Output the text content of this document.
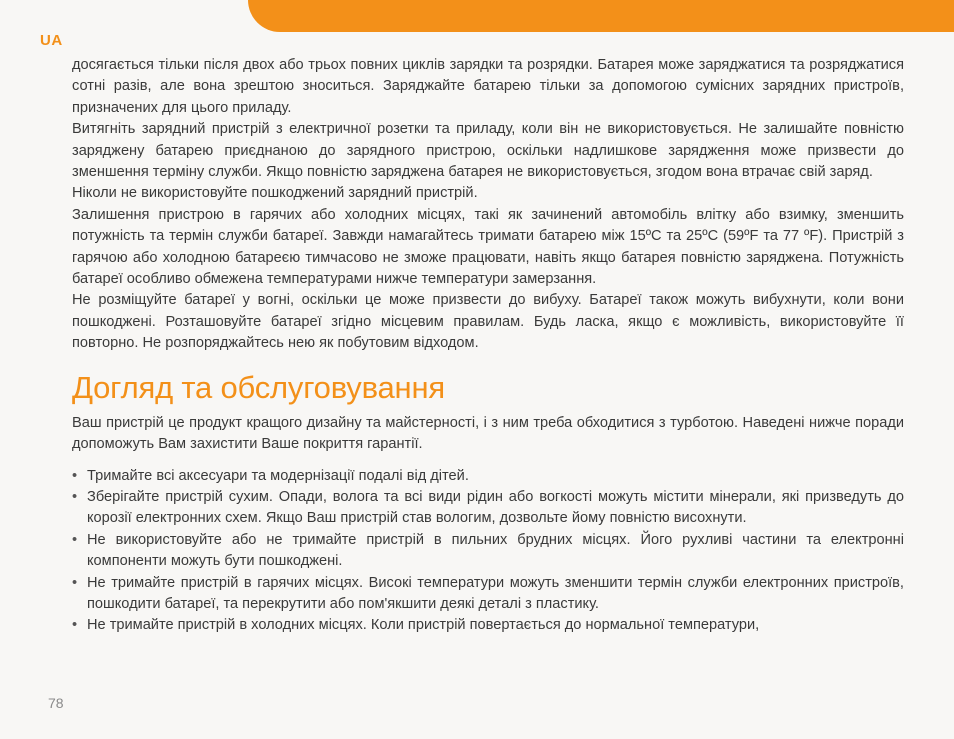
UA

досягається тільки після двох або трьох повних циклів зарядки та розрядки. Батарея може заряджатися та розряджатися сотні разів, але вона зрештою зноситься. Заряджайте батарею тільки за допомогою сумісних зарядних пристроїв, призначених для цього приладу.

Витягніть зарядний пристрій з електричної розетки та приладу, коли він не використовується. Не залишайте повністю заряджену батарею приєднаною до зарядного пристрою, оскільки надлишкове зарядження може призвести до зменшення терміну служби. Якщо повністю заряджена батарея не використовується, згодом вона втрачає свій заряд.

Ніколи не використовуйте пошкоджений зарядний пристрій.

Залишення пристрою в гарячих або холодних місцях, такі як зачинений автомобіль влітку або взимку, зменшить потужність та термін служби батареї. Завжди намагайтесь тримати батарею між 15ºC та 25ºC (59ºF та 77 ºF). Пристрій з гарячою або холодною батареєю тимчасово не зможе працювати, навіть якщо батарея повністю заряджена. Потужність батареї особливо обмежена температурами нижче температури замерзання.

Не розміщуйте батареї у вогні, оскільки це може призвести до вибуху. Батареї також можуть вибухнути, коли вони пошкоджені. Розташовуйте батареї згідно місцевим правилам. Будь ласка, якщо є можливість, використовуйте її повторно. Не розпоряджайтесь нею як побутовим відходом.

Догляд та обслуговування

Ваш пристрій це продукт кращого дизайну та майстерності, і з ним треба обходитися з турботою. Наведені нижче поради допоможуть Вам захистити Ваше покриття гарантії.

• Тримайте всі аксесуари та модернізації подалі від дітей.
• Зберігайте пристрій сухим. Опади, волога та всі види рідин або вогкості можуть містити мінерали, які призведуть до корозії електронних схем. Якщо Ваш пристрій став вологим, дозвольте йому повністю висохнути.
• Не використовуйте або не тримайте пристрій в пильних брудних місцях. Його рухливі частини та електронні компоненти можуть бути пошкоджені.
• Не тримайте пристрій в гарячих місцях. Високі температури можуть зменшити термін служби електронних пристроїв, пошкодити батареї, та перекрутити або пом'якшити деякі деталі з пластику.
• Не тримайте пристрій в холодних місцях. Коли пристрій повертається до нормальної температури,
78
